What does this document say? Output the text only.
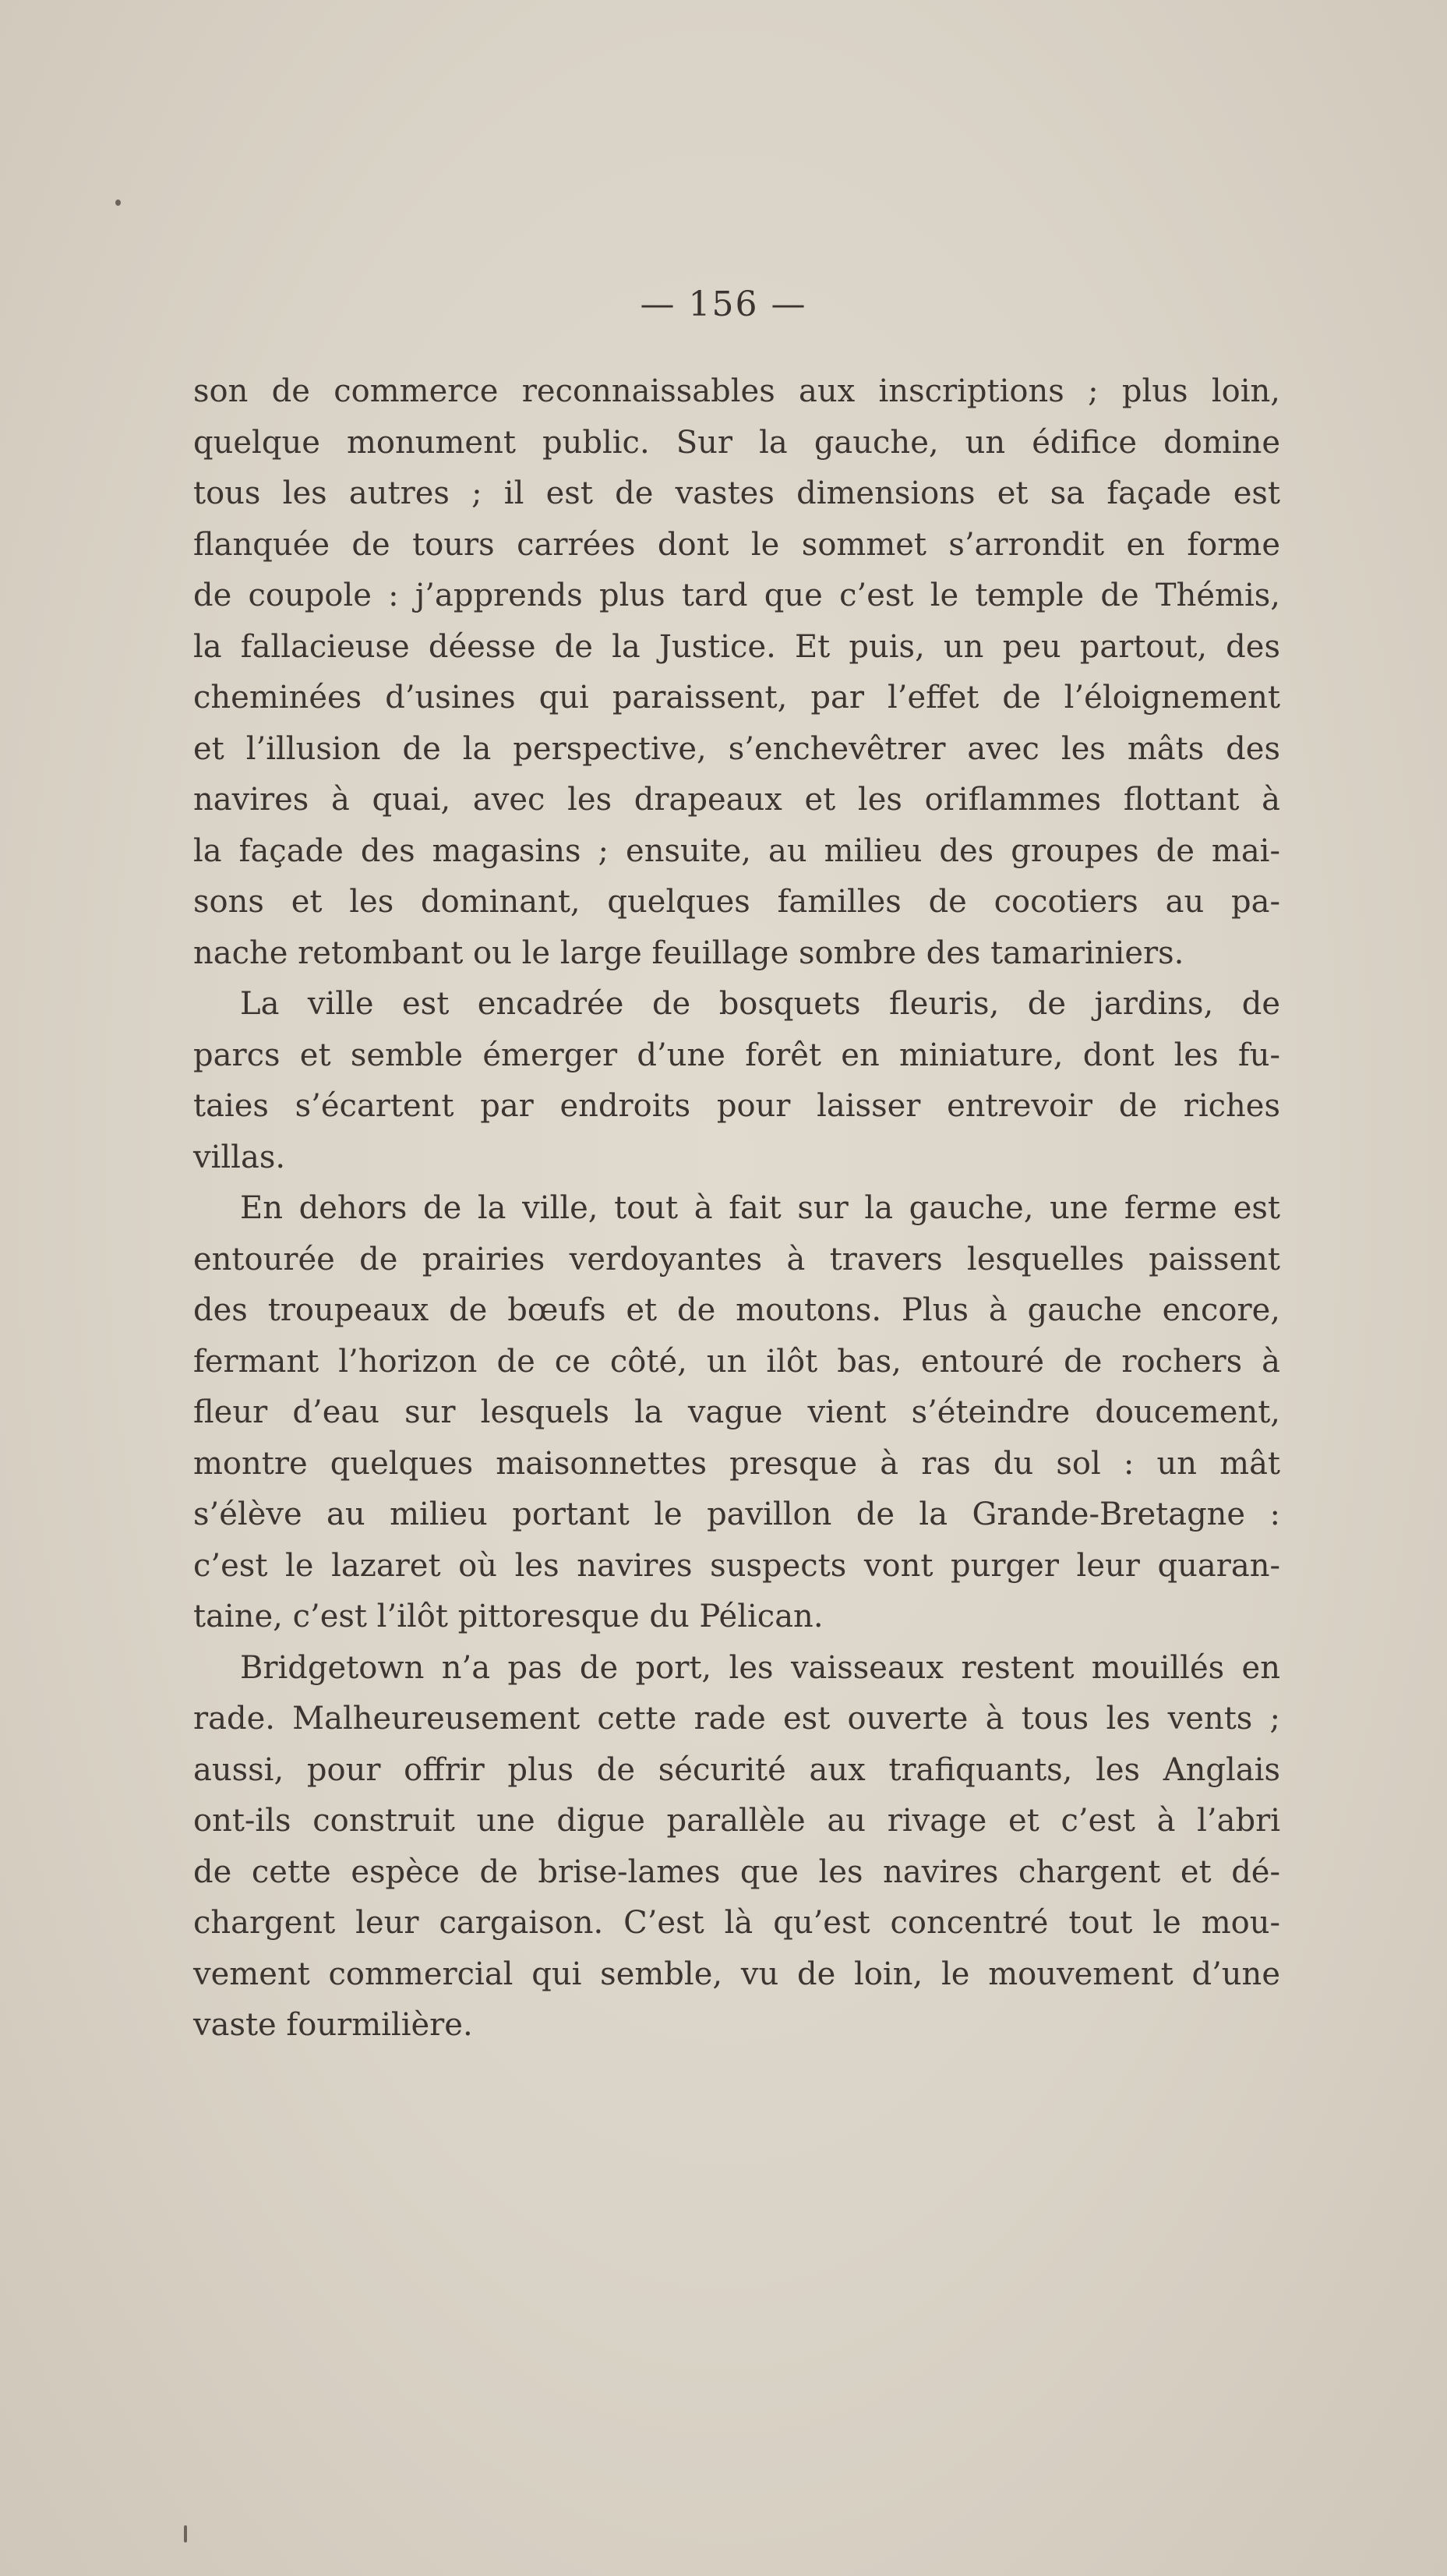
— 156 —
son de commerce reconnaissables aux inscriptions ; plus loin,
quelque monument public. Sur la gauche, un édifice domine
tous les autres ; il est de vastes dimensions et sa façade est
flanquée de tours carrées dont le sommet s’arrondit en forme
de coupole : j’apprends plus tard que c’est le temple de Thémis,
la fallacieuse déesse de la Justice. Et puis, un peu partout, des
cheminées d’usines qui paraissent, par l’effet de l’éloignement
et l’illusion de la perspective, s’enchevêtrer avec les mâts des
navires à quai, avec les drapeaux et les oriflammes flottant à
la façade des magasins ; ensuite, au milieu des groupes de mai-
sons et les dominant, quelques familles de cocotiers au pa-
nache retombant ou le large feuillage sombre des tamariniers.
La ville est encadrée de bosquets fleuris, de jardins, de
parcs et semble émerger d’une forêt en miniature, dont les fu-
taies s’écartent par endroits pour laisser entrevoir de riches
villas.
En dehors de la ville, tout à fait sur la gauche, une ferme est
entourée de prairies verdoyantes à travers lesquelles paissent
des troupeaux de bœufs et de moutons. Plus à gauche encore,
fermant l’horizon de ce côté, un ilôt bas, entouré de rochers à
fleur d’eau sur lesquels la vague vient s’éteindre doucement,
montre quelques maisonnettes presque à ras du sol : un mât
s’élève au milieu portant le pavillon de la Grande-Bretagne :
c’est le lazaret où les navires suspects vont purger leur quaran-
taine, c’est l’ilôt pittoresque du Pélican.
Bridgetown n’a pas de port, les vaisseaux restent mouillés en
rade. Malheureusement cette rade est ouverte à tous les vents ;
aussi, pour offrir plus de sécurité aux trafiquants, les Anglais
ont-ils construit une digue parallèle au rivage et c’est à l’abri
de cette espèce de brise-lames que les navires chargent et dé-
chargent leur cargaison. C’est là qu’est concentré tout le mou-
vement commercial qui semble, vu de loin, le mouvement d’une
vaste fourmilière.
